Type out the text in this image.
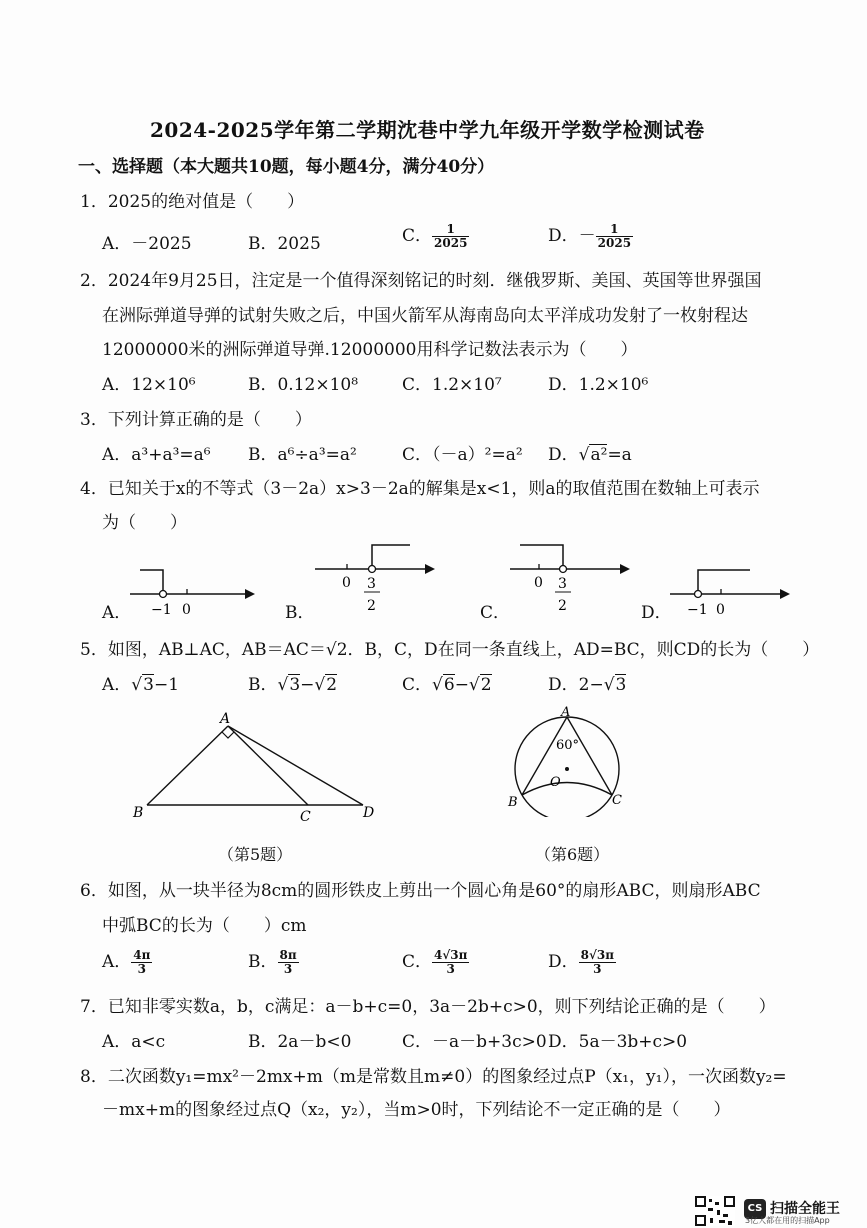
2024-2025学年第二学期沈巷中学九年级开学数学检测试卷
一、选择题（本大题共10题，每小题4分，满分40分）
1．2025的绝对值是（　　）
A．－2025	B．2025	C． $\frac{1}{2025}$	D．－ $\frac{1}{2025}$
2．2024年9月25日，注定是一个值得深刻铭记的时刻．继俄罗斯、美国、英国等世界强国
在洲际弹道导弹的试射失败之后，中国火箭军从海南岛向太平洋成功发射了一枚射程达
12000000米的洲际弹道导弹.12000000用科学记数法表示为（　　）
A．12×10⁶	B．0.12×10⁸	C．1.2×10⁷	D．1.2×10⁶
3．下列计算正确的是（　　）
A．a³+a³=a⁶ B．a⁶÷a³=a²	C．（－a）²=a² D．√a²=a
4．已知关于x的不等式（3－2a）x>3－2a的解集是x<1，则a的取值范围在数轴上可表示
为（　　）
A． −1 0	B．
0 3
2	C．
0 3
2	D． −1 0
5．如图，AB⊥AC，AB＝AC＝√2．B，C，D在同一条直线上，AD=BC，则CD的长为（　　）
A．√3−1	B．√3−√2	C．√6−√2	D．2−√3
A
B	C	D
（第5题）
A
60°
O
B	C
（第6题）
6．如图，从一块半径为8cm的圆形铁皮上剪出一个圆心角是60°的扇形ABC，则扇形ABC
中弧BC的长为（　　）cm
A． $\frac{4\pi}{3}$	B． $\frac{8\pi}{3}$	C． $\frac{4√3\pi}{3}$	D． $\frac{8√3\pi}{3}$
7．已知非零实数a，b，c满足：a－b+c=0，3a－2b+c>0，则下列结论正确的是（　　）
A．a<c	B．2a－b<0	C．－a－b+3c>0 D．5a－3b+c>0
8．二次函数y₁=mx²－2mx+m（m是常数且m≠0）的图象经过点P（x₁，y₁），一次函数y₂=
－mx+m的图象经过点Q（x₂，y₂），当m>0时，下列结论不一定正确的是（　　）
CS 扫描全能王
3亿人都在用的扫描App
